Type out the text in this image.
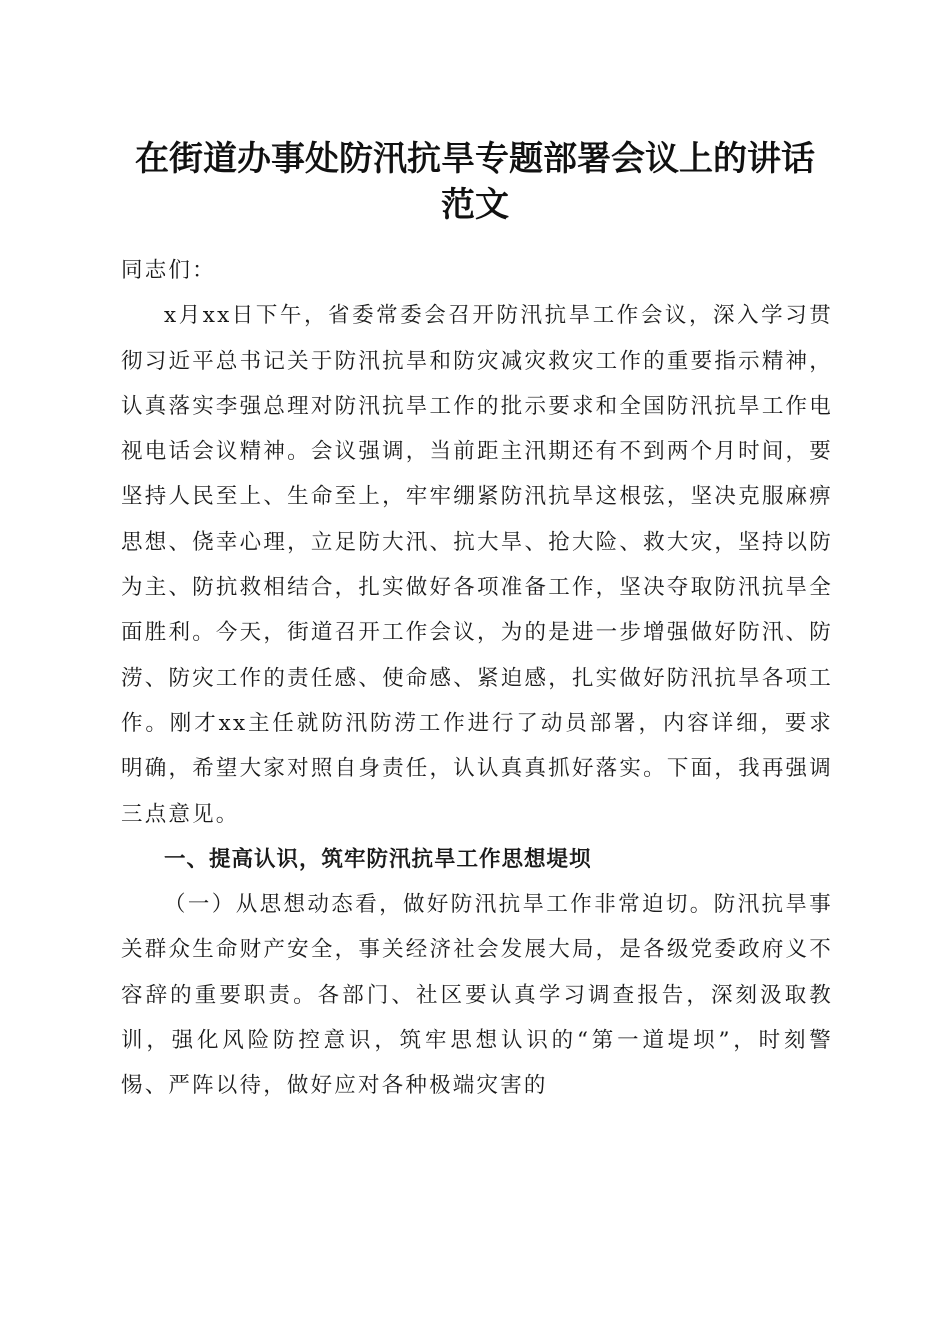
在街道办事处防汛抗旱专题部署会议上的讲话
范文

同志们：

x月xx日下午，省委常委会召开防汛抗旱工作会议，深入学习贯彻习近平总书记关于防汛抗旱和防灾减灾救灾工作的重要指示精神，认真落实李强总理对防汛抗旱工作的批示要求和全国防汛抗旱工作电视电话会议精神。会议强调，当前距主汛期还有不到两个月时间，要坚持人民至上、生命至上，牢牢绷紧防汛抗旱这根弦，坚决克服麻痹思想、侥幸心理，立足防大汛、抗大旱、抢大险、救大灾，坚持以防为主、防抗救相结合，扎实做好各项准备工作，坚决夺取防汛抗旱全面胜利。今天，街道召开工作会议，为的是进一步增强做好防汛、防涝、防灾工作的责任感、使命感、紧迫感，扎实做好防汛抗旱各项工作。刚才xx主任就防汛防涝工作进行了动员部署，内容详细，要求明确，希望大家对照自身责任，认认真真抓好落实。下面，我再强调三点意见。

一、提高认识，筑牢防汛抗旱工作思想堤坝

（一）从思想动态看，做好防汛抗旱工作非常迫切。防汛抗旱事关群众生命财产安全，事关经济社会发展大局，是各级党委政府义不容辞的重要职责。各部门、社区要认真学习调查报告，深刻汲取教训，强化风险防控意识，筑牢思想认识的“第一道堤坝”，时刻警惕、严阵以待，做好应对各种极端灾害的
